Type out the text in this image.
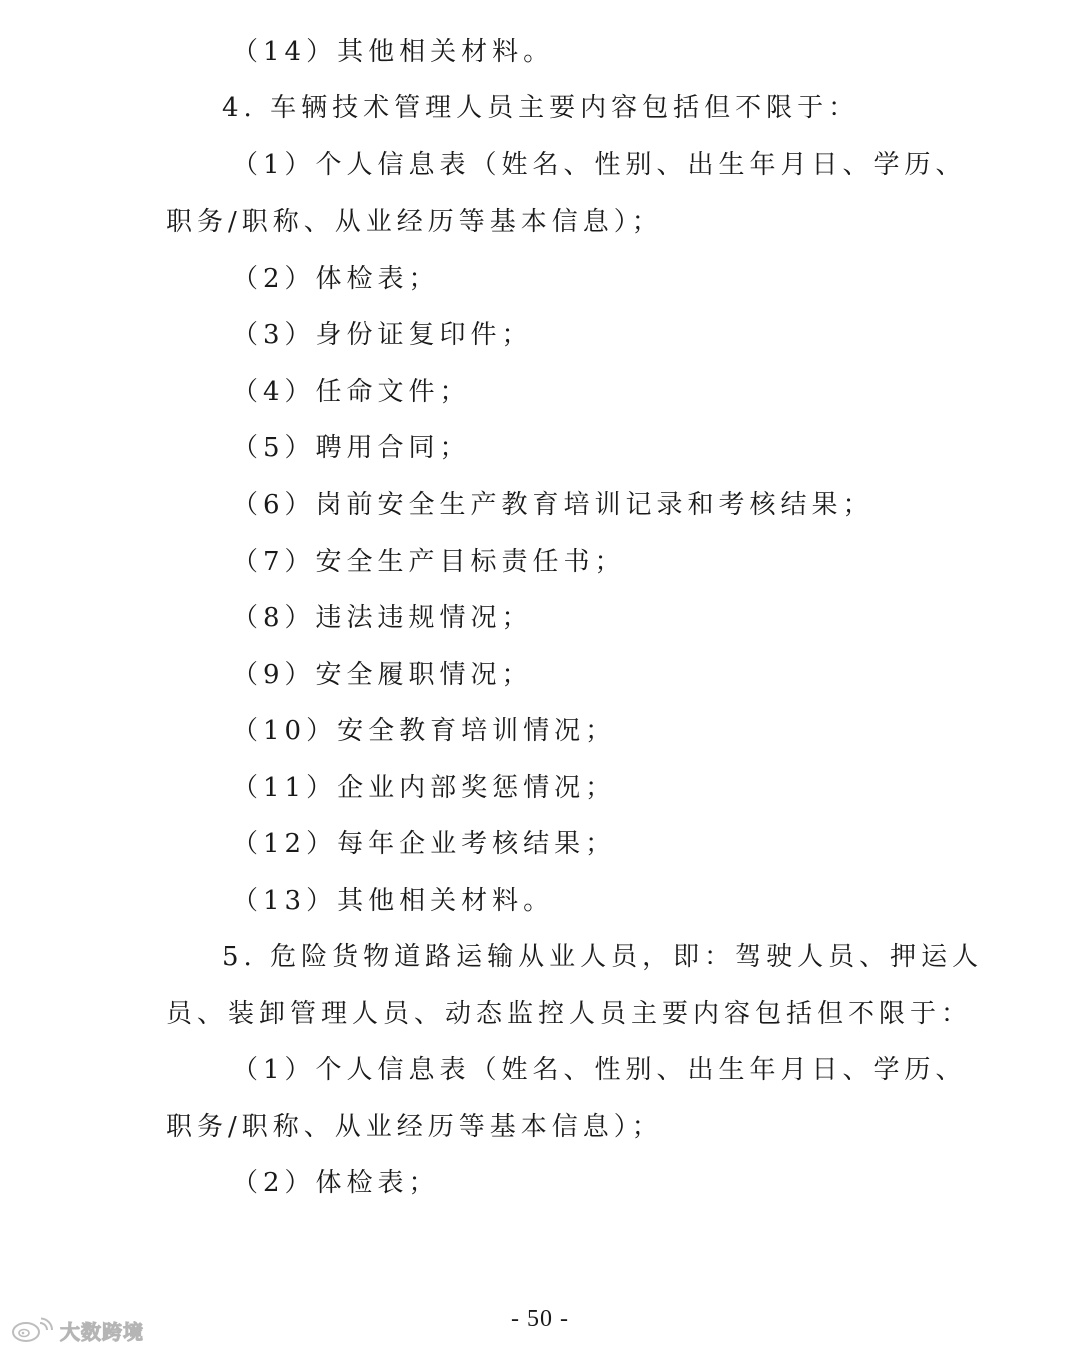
（14）其他相关材料。
4. 车辆技术管理人员主要内容包括但不限于：
（1）个人信息表（姓名、性别、出生年月日、学历、
职务/职称、从业经历等基本信息）；
（2）体检表；
（3）身份证复印件；
（4）任命文件；
（5）聘用合同；
（6）岗前安全生产教育培训记录和考核结果；
（7）安全生产目标责任书；
（8）违法违规情况；
（9）安全履职情况；
（10）安全教育培训情况；
（11）企业内部奖惩情况；
（12）每年企业考核结果；
（13）其他相关材料。
5. 危险货物道路运输从业人员，即：驾驶人员、押运人
员、装卸管理人员、动态监控人员主要内容包括但不限于：
（1）个人信息表（姓名、性别、出生年月日、学历、
职务/职称、从业经历等基本信息）；
（2）体检表；
- 50 -
大数跨境
